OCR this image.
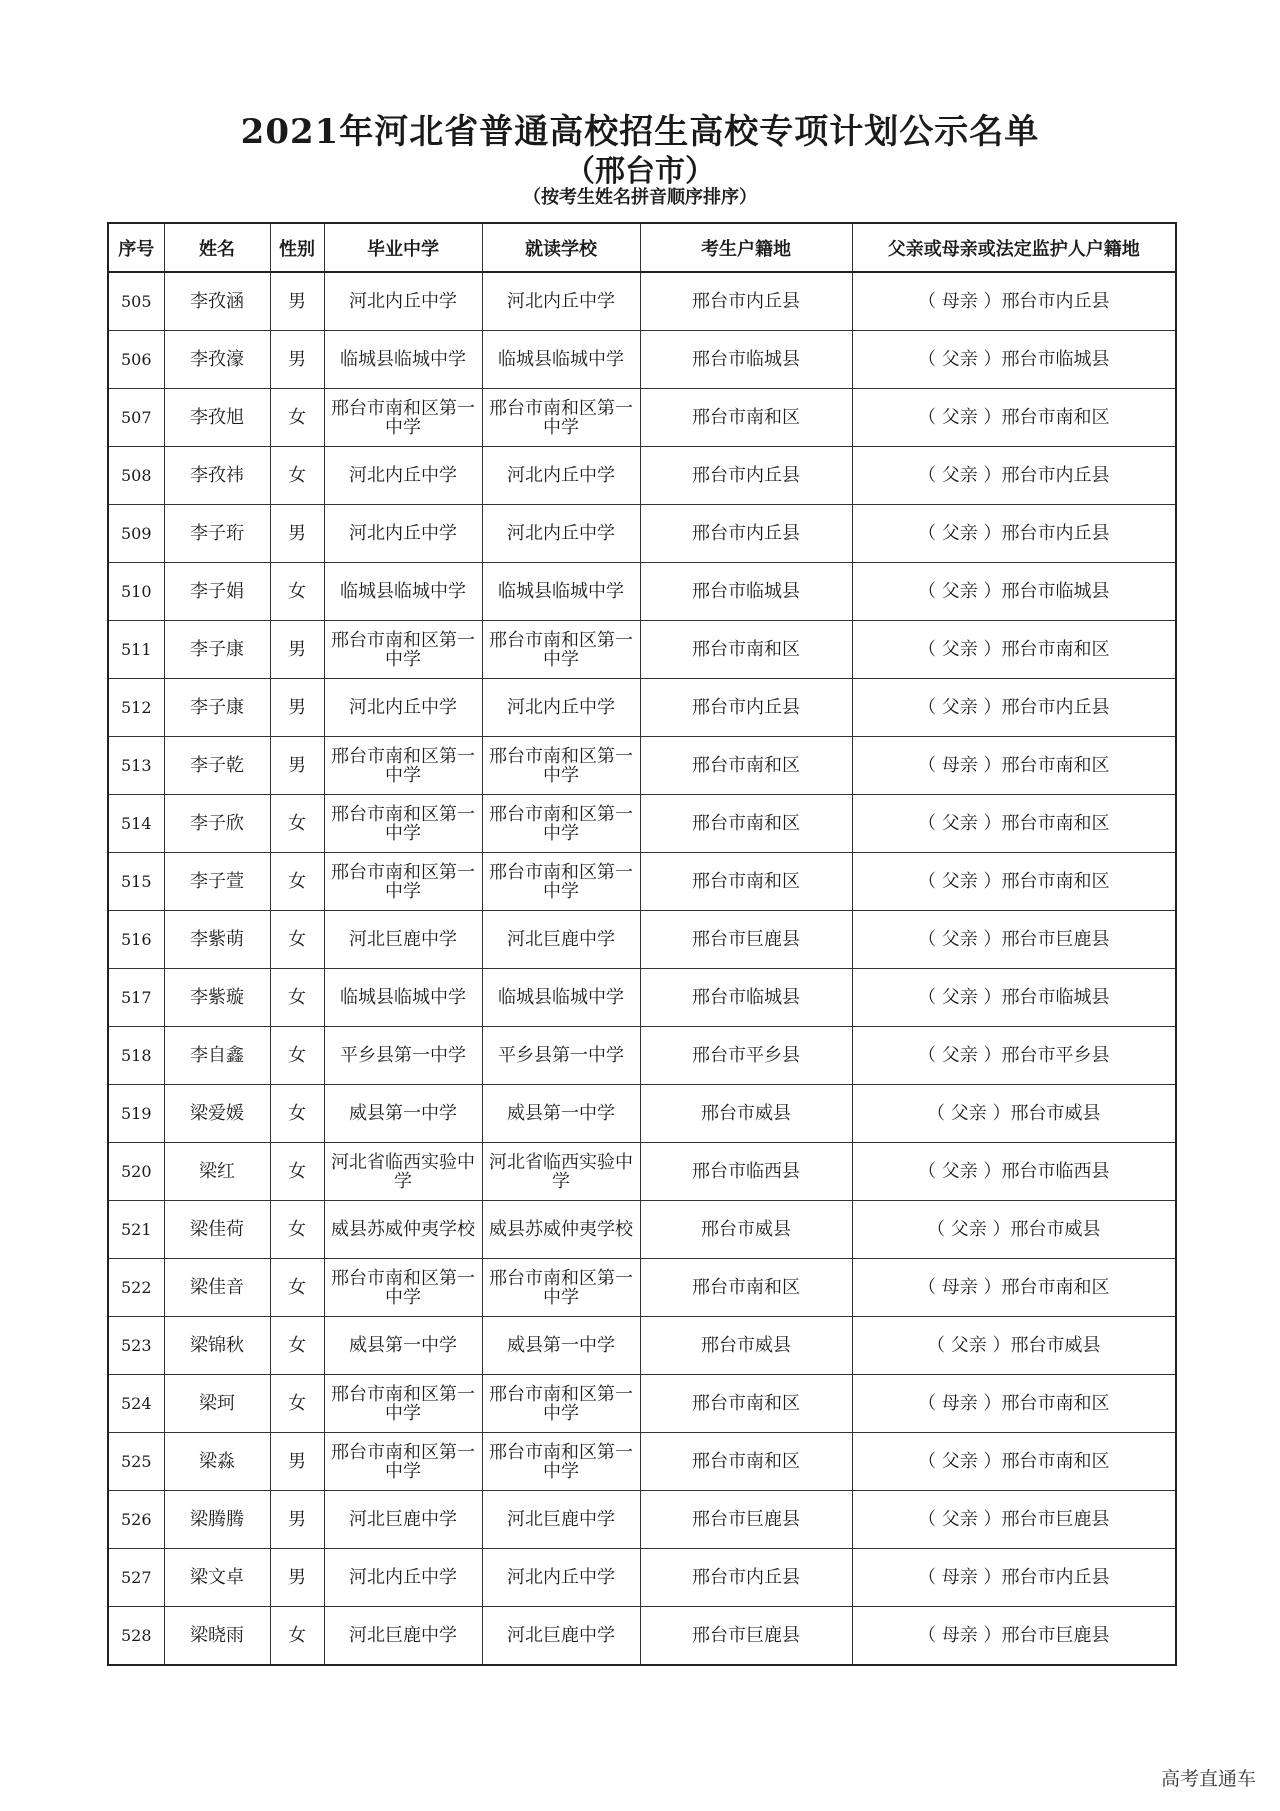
2021年河北省普通高校招生高校专项计划公示名单
（邢台市）
（按考生姓名拼音顺序排序）
序号	姓名	性别	毕业中学	就读学校	考生户籍地	父亲或母亲或法定监护人户籍地
505	李孜涵	男	河北内丘中学	河北内丘中学	邢台市内丘县	（ 母亲 ）邢台市内丘县
506	李孜濠	男	临城县临城中学	临城县临城中学	邢台市临城县	（ 父亲 ）邢台市临城县
507	李孜旭	女	邢台市南和区第一中学	邢台市南和区第一中学	邢台市南和区	（ 父亲 ）邢台市南和区
508	李孜祎	女	河北内丘中学	河北内丘中学	邢台市内丘县	（ 父亲 ）邢台市内丘县
509	李子珩	男	河北内丘中学	河北内丘中学	邢台市内丘县	（ 父亲 ）邢台市内丘县
510	李子娟	女	临城县临城中学	临城县临城中学	邢台市临城县	（ 父亲 ）邢台市临城县
511	李子康	男	邢台市南和区第一中学	邢台市南和区第一中学	邢台市南和区	（ 父亲 ）邢台市南和区
512	李子康	男	河北内丘中学	河北内丘中学	邢台市内丘县	（ 父亲 ）邢台市内丘县
513	李子乾	男	邢台市南和区第一中学	邢台市南和区第一中学	邢台市南和区	（ 母亲 ）邢台市南和区
514	李子欣	女	邢台市南和区第一中学	邢台市南和区第一中学	邢台市南和区	（ 父亲 ）邢台市南和区
515	李子萱	女	邢台市南和区第一中学	邢台市南和区第一中学	邢台市南和区	（ 父亲 ）邢台市南和区
516	李紫萌	女	河北巨鹿中学	河北巨鹿中学	邢台市巨鹿县	（ 父亲 ）邢台市巨鹿县
517	李紫璇	女	临城县临城中学	临城县临城中学	邢台市临城县	（ 父亲 ）邢台市临城县
518	李自鑫	女	平乡县第一中学	平乡县第一中学	邢台市平乡县	（ 父亲 ）邢台市平乡县
519	梁爱媛	女	威县第一中学	威县第一中学	邢台市威县	（ 父亲 ）邢台市威县
520	梁红	女	河北省临西实验中学	河北省临西实验中学	邢台市临西县	（ 父亲 ）邢台市临西县
521	梁佳荷	女	威县苏威仲夷学校	威县苏威仲夷学校	邢台市威县	（ 父亲 ）邢台市威县
522	梁佳音	女	邢台市南和区第一中学	邢台市南和区第一中学	邢台市南和区	（ 母亲 ）邢台市南和区
523	梁锦秋	女	威县第一中学	威县第一中学	邢台市威县	（ 父亲 ）邢台市威县
524	梁珂	女	邢台市南和区第一中学	邢台市南和区第一中学	邢台市南和区	（ 母亲 ）邢台市南和区
525	梁淼	男	邢台市南和区第一中学	邢台市南和区第一中学	邢台市南和区	（ 父亲 ）邢台市南和区
526	梁腾腾	男	河北巨鹿中学	河北巨鹿中学	邢台市巨鹿县	（ 父亲 ）邢台市巨鹿县
527	梁文卓	男	河北内丘中学	河北内丘中学	邢台市内丘县	（ 母亲 ）邢台市内丘县
528	梁晓雨	女	河北巨鹿中学	河北巨鹿中学	邢台市巨鹿县	（ 母亲 ）邢台市巨鹿县
高考直通车
